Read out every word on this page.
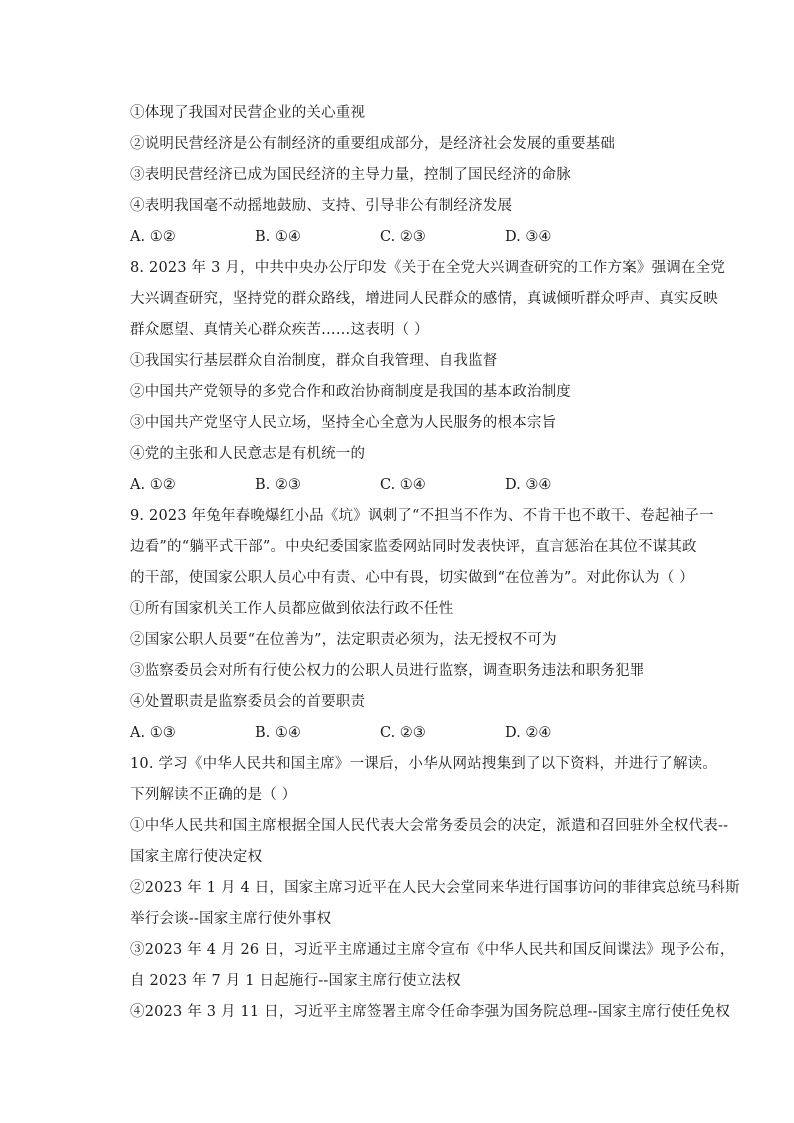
①体现了我国对民营企业的关心重视
②说明民营经济是公有制经济的重要组成部分，是经济社会发展的重要基础
③表明民营经济已成为国民经济的主导力量，控制了国民经济的命脉
④表明我国毫不动摇地鼓励、支持、引导非公有制经济发展
A. ①②	B. ①④	C. ②③	D. ③④
8. 2023 年 3 月，中共中央办公厅印发《关于在全党大兴调查研究的工作方案》强调在全党
大兴调查研究，坚持党的群众路线，增进同人民群众的感情，真诚倾听群众呼声、真实反映
群众愿望、真情关心群众疾苦……这表明（ ）
①我国实行基层群众自治制度，群众自我管理、自我监督
②中国共产党领导的多党合作和政治协商制度是我国的基本政治制度
③中国共产党坚守人民立场，坚持全心全意为人民服务的根本宗旨
④党的主张和人民意志是有机统一的
A. ①②	B. ②③	C. ①④	D. ③④
9. 2023 年兔年春晚爆红小品《坑》讽刺了“不担当不作为、不肯干也不敢干、卷起袖子一
边看”的“躺平式干部”。中央纪委国家监委网站同时发表快评，直言惩治在其位不谋其政
的干部，使国家公职人员心中有责、心中有畏，切实做到“在位善为”。对此你认为（ ）
①所有国家机关工作人员都应做到依法行政不任性
②国家公职人员要“在位善为”，法定职责必须为，法无授权不可为
③监察委员会对所有行使公权力的公职人员进行监察，调查职务违法和职务犯罪
④处置职责是监察委员会的首要职责
A. ①③	B. ①④	C. ②③	D. ②④
10. 学习《中华人民共和国主席》一课后，小华从网站搜集到了以下资料，并进行了解读。
下列解读不正确的是（ ）
①中华人民共和国主席根据全国人民代表大会常务委员会的决定，派遣和召回驻外全权代表--
国家主席行使决定权
②2023 年 1 月 4 日，国家主席习近平在人民大会堂同来华进行国事访问的菲律宾总统马科斯
举行会谈--国家主席行使外事权
③2023 年 4 月 26 日，习近平主席通过主席令宣布《中华人民共和国反间谍法》现予公布，
自 2023 年 7 月 1 日起施行--国家主席行使立法权
④2023 年 3 月 11 日，习近平主席签署主席令任命李强为国务院总理--国家主席行使任免权
